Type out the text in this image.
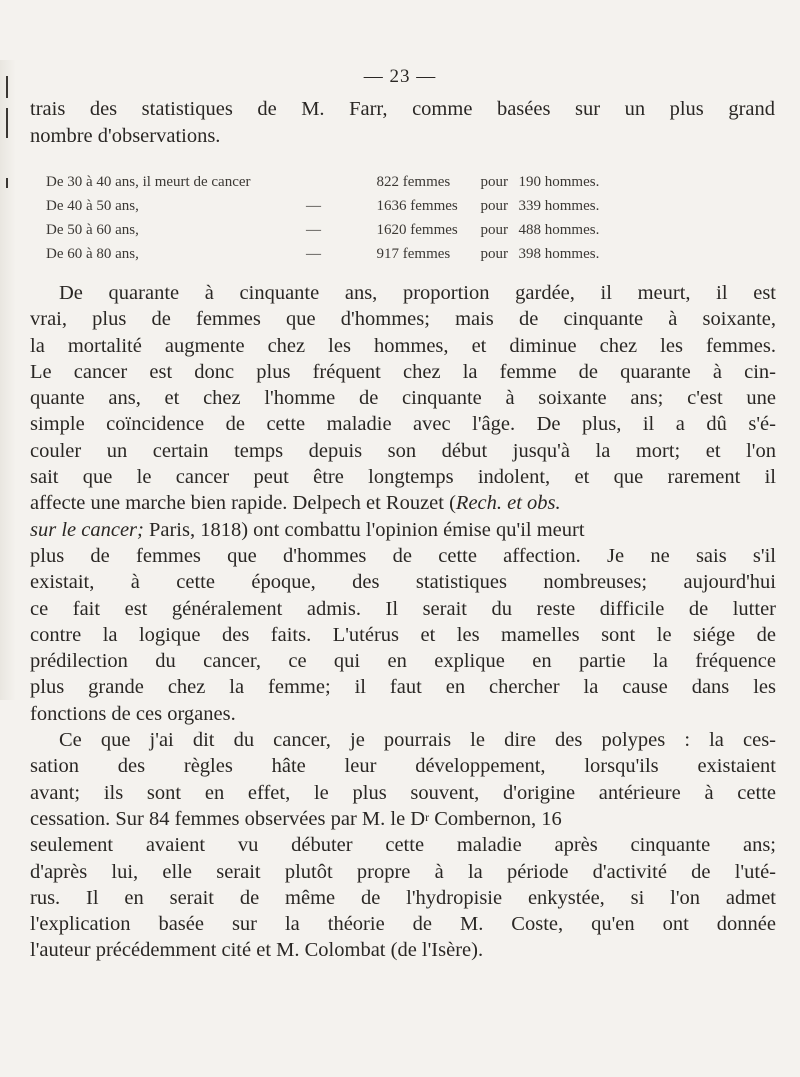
— 23 —
trais des statistiques de M. Farr, comme basées sur un plus grand
nombre d'observations.
De 30 à 40 ans, il meurt de cancer		822 femmes	pour	190 hommes.
De 40 à 50 ans,	—	1636 femmes	pour	339 hommes.
De 50 à 60 ans,	—	1620 femmes	pour	488 hommes.
De 60 à 80 ans,	—	917 femmes	pour	398 hommes.
De quarante à cinquante ans, proportion gardée, il meurt, il est
vrai, plus de femmes que d'hommes; mais de cinquante à soixante,
la mortalité augmente chez les hommes, et diminue chez les femmes.
Le cancer est donc plus fréquent chez la femme de quarante à cin-
quante ans, et chez l'homme de cinquante à soixante ans; c'est une
simple coïncidence de cette maladie avec l'âge. De plus, il a dû s'é-
couler un certain temps depuis son début jusqu'à la mort; et l'on
sait que le cancer peut être longtemps indolent, et que rarement il
affecte une marche bien rapide. Delpech et Rouzet (Rech. et obs.
sur le cancer; Paris, 1818) ont combattu l'opinion émise qu'il meurt
plus de femmes que d'hommes de cette affection. Je ne sais s'il
existait, à cette époque, des statistiques nombreuses; aujourd'hui
ce fait est généralement admis. Il serait du reste difficile de lutter
contre la logique des faits. L'utérus et les mamelles sont le siége de
prédilection du cancer, ce qui en explique en partie la fréquence
plus grande chez la femme; il faut en chercher la cause dans les
fonctions de ces organes.
Ce que j'ai dit du cancer, je pourrais le dire des polypes : la ces-
sation des règles hâte leur développement, lorsqu'ils existaient
avant; ils sont en effet, le plus souvent, d'origine antérieure à cette
cessation. Sur 84 femmes observées par M. le $D^r$ Combernon, 16
seulement avaient vu débuter cette maladie après cinquante ans;
d'après lui, elle serait plutôt propre à la période d'activité de l'uté-
rus. Il en serait de même de l'hydropisie enkystée, si l'on admet
l'explication basée sur la théorie de M. Coste, qu'en ont donnée
l'auteur précédemment cité et M. Colombat (de l'Isère).
